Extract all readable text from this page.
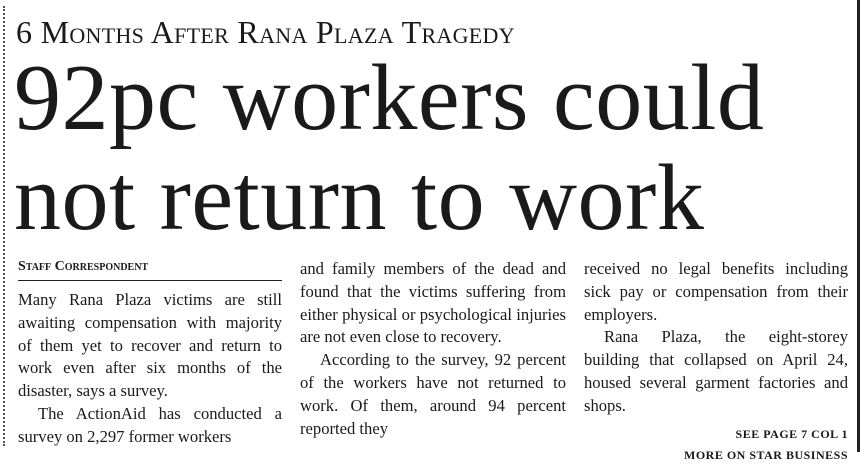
6 Months After Rana Plaza Tragedy
92pc workers could
not return to work
Staff Correspondent

Many Rana Plaza victims are still awaiting compensation with majority of them yet to recover and return to work even after six months of the disaster, says a survey.

The ActionAid has conducted a survey on 2,297 former workers

and family members of the dead and found that the victims suffering from either physical or psychological injuries are not even close to recovery.

According to the survey, 92 percent of the workers have not returned to work. Of them, around 94 percent reported they

received no legal benefits including sick pay or compensation from their employers.

Rana Plaza, the eight-storey building that collapsed on April 24, housed several garment factories and shops.

SEE PAGE 7 COL 1
MORE ON STAR BUSINESS
